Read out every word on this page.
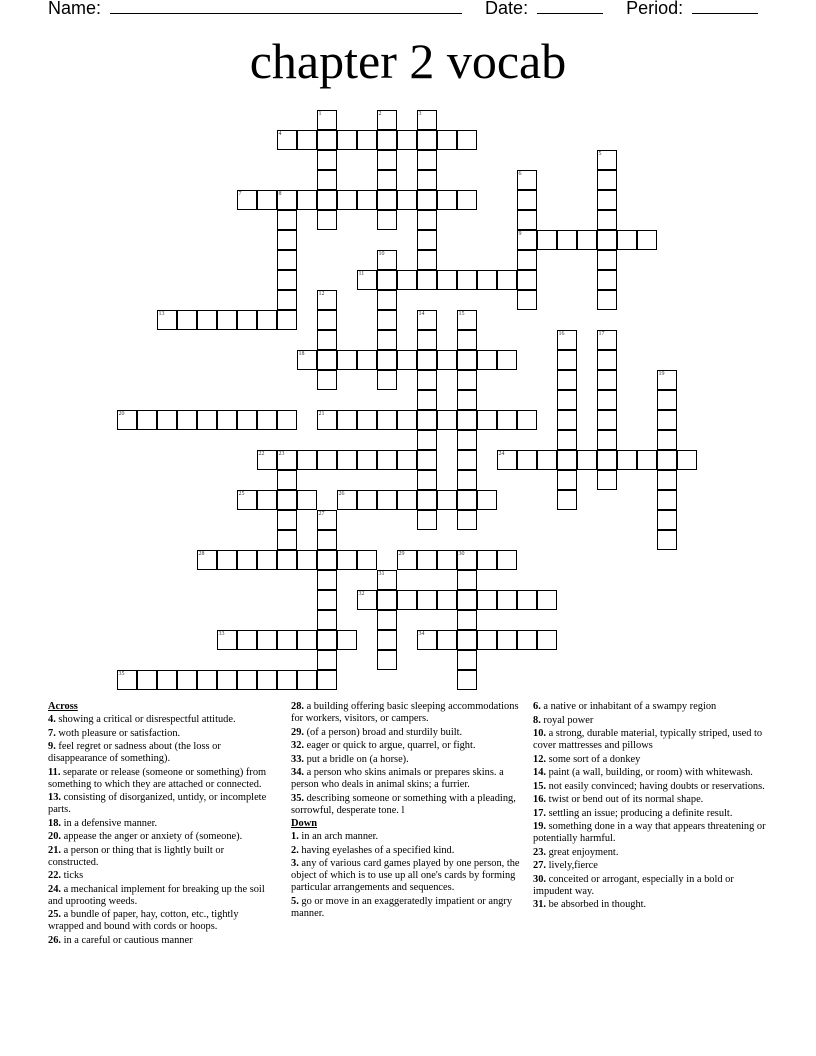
Name:	Date:	Period:
chapter 2 vocab
1	2	3
4
5
6
9
7	8
10
11
12
13	14	15
16	17
18
19
20	21
22 23	24
25	26
27
28	29	30
31
32
33	34
35
Across
4. showing a critical or disrespectful attitude.
7. woth pleasure or satisfaction.
9. feel regret or sadness about (the loss or disappearance of something).
11. separate or release (someone or something) from something to which they are attached or connected.
13. consisting of disorganized, untidy, or incomplete parts.
18. in a defensive manner.
20. appease the anger or anxiety of (someone).
21. a person or thing that is lightly built or constructed.
22. ticks
24. a mechanical implement for breaking up the soil and uprooting weeds.
25. a bundle of paper, hay, cotton, etc., tightly wrapped and bound with cords or hoops.
26. in a careful or cautious manner
28. a building offering basic sleeping accommodations for workers, visitors, or campers.
29. (of a person) broad and sturdily built.
32. eager or quick to argue, quarrel, or fight.
33. put a bridle on (a horse).
34. a person who skins animals or prepares skins. a person who deals in animal skins; a furrier.
35. describing someone or something with a pleading, sorrowful, desperate tone. l
Down
1. in an arch manner.
2. having eyelashes of a specified kind.
3. any of various card games played by one person, the object of which is to use up all one's cards by forming particular arrangements and sequences.
5. go or move in an exaggeratedly impatient or angry manner.
6. a native or inhabitant of a swampy region
8. royal power
10. a strong, durable material, typically striped, used to cover mattresses and pillows
12. some sort of a donkey
14. paint (a wall, building, or room) with whitewash.
15. not easily convinced; having doubts or reservations.
16. twist or bend out of its normal shape.
17. settling an issue; producing a definite result.
19. something done in a way that appears threatening or potentially harmful.
23. great enjoyment.
27. lively,fierce
30. conceited or arrogant, especially in a bold or impudent way.
31. be absorbed in thought.
